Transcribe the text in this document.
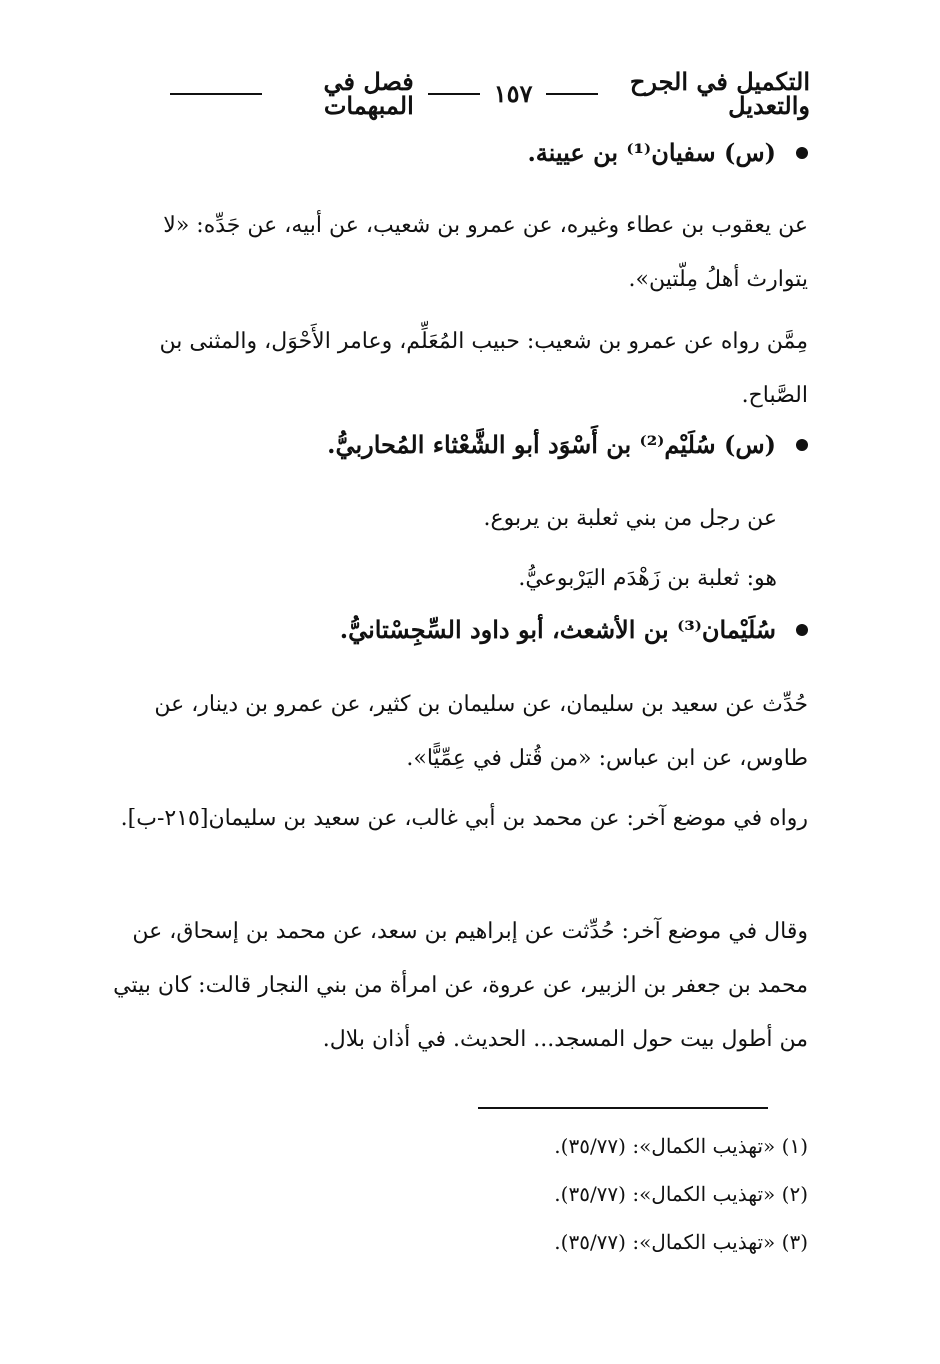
التكميل في الجرح والتعديل
١٥٧
فصل في المبهمات
(س) سفيان⁽¹⁾ بن عيينة.
عن يعقوب بن عطاء وغيره، عن عمرو بن شعيب، عن أبيه، عن جَدِّه: «لا يتوارث أهلُ مِلّتين».
مِمَّن رواه عن عمرو بن شعيب: حبيب المُعَلِّم، وعامر الأَحْوَل، والمثنى بن الصَّباح.
(س) سُلَيْم⁽²⁾ بن أَسْوَد أبو الشَّعْثاء المُحاربيُّ.
عن رجل من بني ثعلبة بن يربوع.
هو: ثعلبة بن زَهْدَم اليَرْبوعيُّ.
سُلَيْمان⁽³⁾ بن الأشعث، أبو داود السِّجِسْتانيُّ.
حُدِّث عن سعيد بن سليمان، عن سليمان بن كثير، عن عمرو بن دينار، عن طاوس، عن ابن عباس: «من قُتل في عِمِّيًّا».
رواه في موضع آخر: عن محمد بن أبي غالب، عن سعيد بن سليمان[٢١٥-ب].
وقال في موضع آخر: حُدِّثت عن إبراهيم بن سعد، عن محمد بن إسحاق، عن محمد بن جعفر بن الزبير، عن عروة، عن امرأة من بني النجار قالت: كان بيتي من أطول بيت حول المسجد... الحديث. في أذان بلال.
(١) «تهذيب الكمال»: (٣٥/٧٧).
(٢) «تهذيب الكمال»: (٣٥/٧٧).
(٣) «تهذيب الكمال»: (٣٥/٧٧).
